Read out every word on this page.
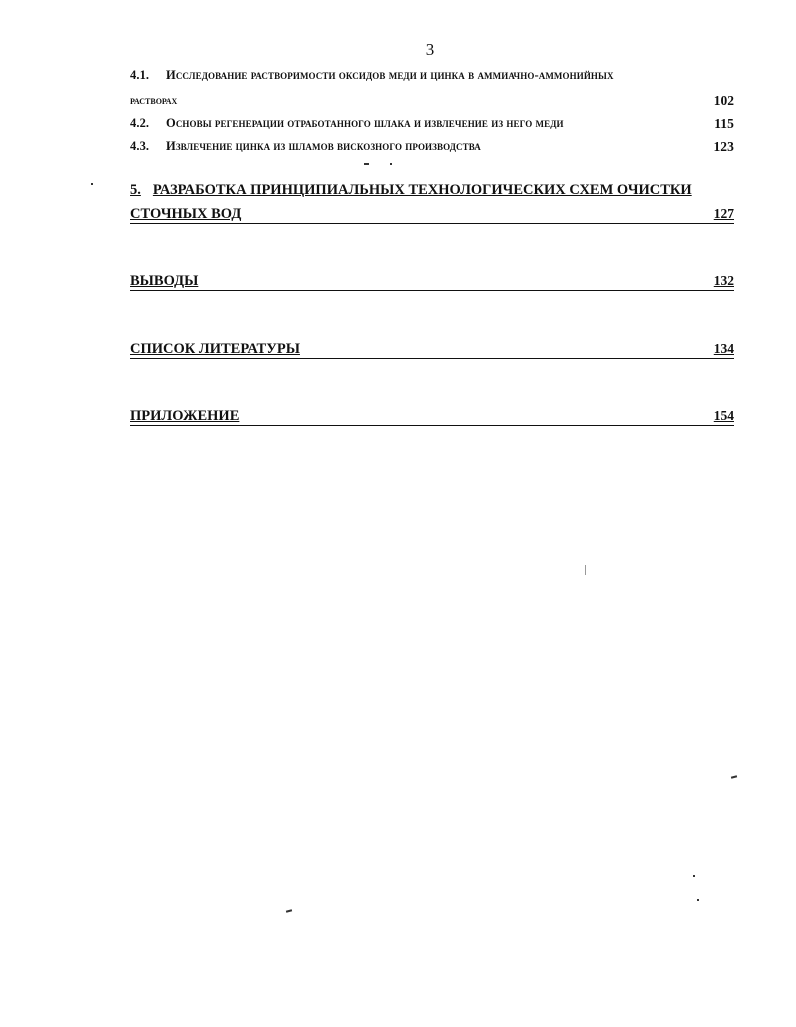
3
4.1. Исследование растворимости оксидов меди и цинка в аммиачно-аммонийных
растворах	102
4.2. Основы регенерации отработанного шлака и извлечение из него меди	115
4.3. Извлечение цинка из шламов вискозного производства	123
5. РАЗРАБОТКА ПРИНЦИПИАЛЬНЫХ ТЕХНОЛОГИЧЕСКИХ СХЕМ ОЧИСТКИ
СТОЧНЫХ ВОД	127
ВЫВОДЫ	132
СПИСОК ЛИТЕРАТУРЫ	134
ПРИЛОЖЕНИЕ	154
